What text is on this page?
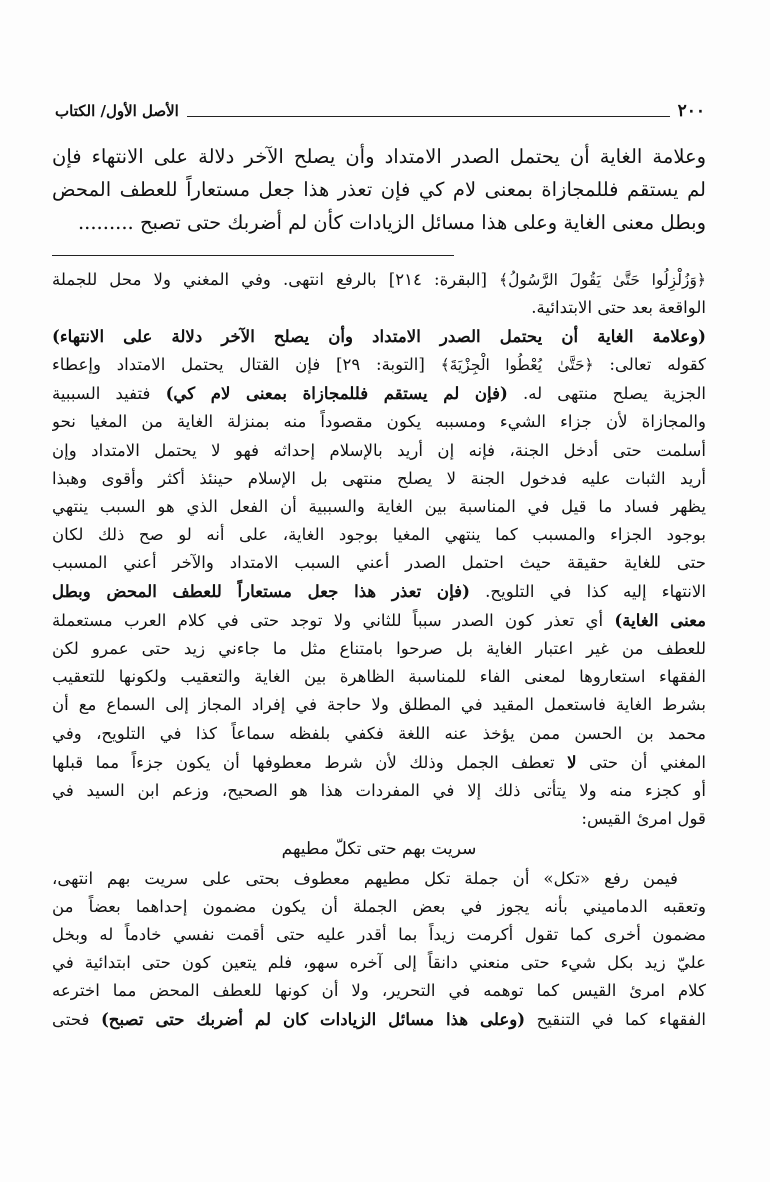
٢٠٠
الأصل الأول/ الكتاب
وعلامة الغاية أن يحتمل الصدر الامتداد وأن يصلح الآخر دلالة على الانتهاء فإن
لم يستقم فللمجازاة بمعنى لام كي فإن تعذر هذا جعل مستعاراً للعطف المحض
وبطل معنى الغاية وعلى هذا مسائل الزيادات كأن لم أضربك حتى تصبح .........
﴿وَزُلْزِلُوا حَتَّىٰ يَقُولَ الرَّسُولُ﴾ [البقرة: ٢١٤] بالرفع انتهى. وفي المغني ولا محل للجملة
الواقعة بعد حتى الابتدائية.
(وعلامة الغاية أن يحتمل الصدر الامتداد وأن يصلح الآخر دلالة على الانتهاء)
كقوله تعالى: ﴿حَتَّىٰ يُعْطُوا الْجِزْيَةَ﴾ [التوبة: ٢٩] فإن القتال يحتمل الامتداد وإعطاء
الجزية يصلح منتهى له. (فإن لم يستقم فللمجازاة بمعنى لام كي) فتفيد السببية
والمجازاة لأن جزاء الشيء ومسببه يكون مقصوداً منه بمنزلة الغاية من المغيا نحو
أسلمت حتى أدخل الجنة، فإنه إن أريد بالإسلام إحداثه فهو لا يحتمل الامتداد وإن
أريد الثبات عليه فدخول الجنة لا يصلح منتهى بل الإسلام حينئذ أكثر وأقوى وهبذا
يظهر فساد ما قيل في المناسبة بين الغاية والسببية أن الفعل الذي هو السبب ينتهي
بوجود الجزاء والمسبب كما ينتهي المغيا بوجود الغاية، على أنه لو صح ذلك لكان
حتى للغاية حقيقة حيث احتمل الصدر أعني السبب الامتداد والآخر أعني المسبب
الانتهاء إليه كذا في التلويح. (فإن تعذر هذا جعل مستعاراً للعطف المحض وبطل
معنى الغاية) أي تعذر كون الصدر سبباً للثاني ولا توجد حتى في كلام العرب مستعملة
للعطف من غير اعتبار الغاية بل صرحوا بامتناع مثل ما جاءني زيد حتى عمرو لكن
الفقهاء استعاروها لمعنى الفاء للمناسبة الظاهرة بين الغاية والتعقيب ولكونها للتعقيب
بشرط الغاية فاستعمل المقيد في المطلق ولا حاجة في إفراد المجاز إلى السماع مع أن
محمد بن الحسن ممن يؤخذ عنه اللغة فكفي بلفظه سماعاً كذا في التلويح، وفي
المغني أن حتى لا تعطف الجمل وذلك لأن شرط معطوفها أن يكون جزءاً مما قبلها
أو كجزء منه ولا يتأتى ذلك إلا في المفردات هذا هو الصحيح، وزعم ابن السيد في
قول امرئ القيس:
سريت بهم حتى تكلّ مطيهم
فيمن رفع «تكل» أن جملة تكل مطيهم معطوف بحتى على سريت بهم انتهى،
وتعقبه الدماميني بأنه يجوز في بعض الجملة أن يكون مضمون إحداهما بعضاً من
مضمون أخرى كما تقول أكرمت زيداً بما أقدر عليه حتى أقمت نفسي خادماً له وبخل
عليّ زيد بكل شيء حتى منعني دانقاً إلى آخره سهو، فلم يتعين كون حتى ابتدائية في
كلام امرئ القيس كما توهمه في التحرير، ولا أن كونها للعطف المحض مما اخترعه
الفقهاء كما في التنقيح (وعلى هذا مسائل الزيادات كان لم أضربك حتى تصبح) فحتى
